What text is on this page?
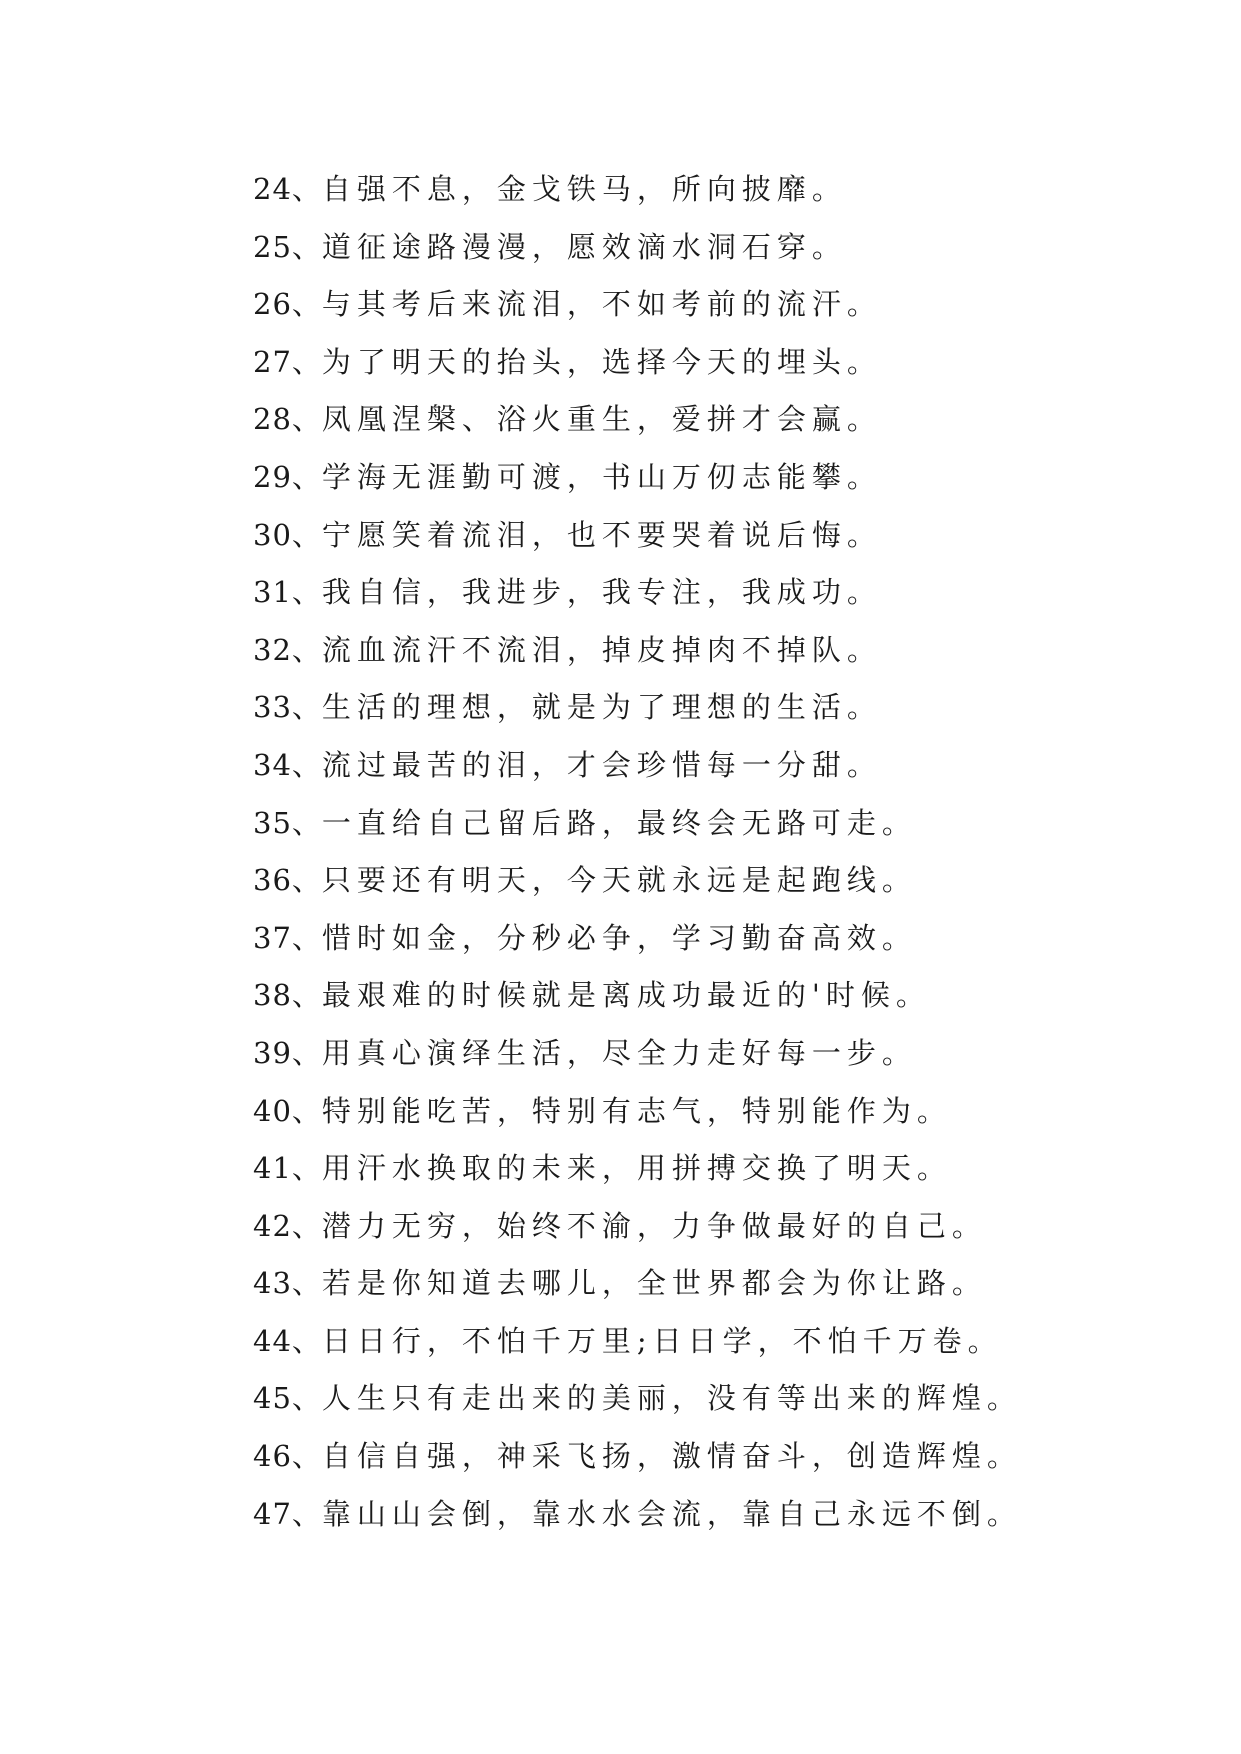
24、 自强不息，金戈铁马，所向披靡。
25、 道征途路漫漫，愿效滴水洞石穿。
26、 与其考后来流泪，不如考前的流汗。
27、 为了明天的抬头，选择今天的埋头。
28、 凤凰涅槃、浴火重生，爱拼才会赢。
29、 学海无涯勤可渡，书山万仞志能攀。
30、 宁愿笑着流泪，也不要哭着说后悔。
31、 我自信，我进步，我专注，我成功。
32、 流血流汗不流泪，掉皮掉肉不掉队。
33、 生活的理想，就是为了理想的生活。
34、 流过最苦的泪，才会珍惜每一分甜。
35、 一直给自己留后路，最终会无路可走。
36、 只要还有明天，今天就永远是起跑线。
37、 惜时如金，分秒必争，学习勤奋高效。
38、 最艰难的时候就是离成功最近的'时候。
39、 用真心演绎生活，尽全力走好每一步。
40、 特别能吃苦，特别有志气，特别能作为。
41、 用汗水换取的未来，用拼搏交换了明天。
42、 潜力无穷，始终不渝，力争做最好的自己。
43、 若是你知道去哪儿，全世界都会为你让路。
44、 日日行，不怕千万里;日日学，不怕千万卷。
45、 人生只有走出来的美丽，没有等出来的辉煌。
46、 自信自强，神采飞扬，激情奋斗，创造辉煌。
47、 靠山山会倒，靠水水会流，靠自己永远不倒。
